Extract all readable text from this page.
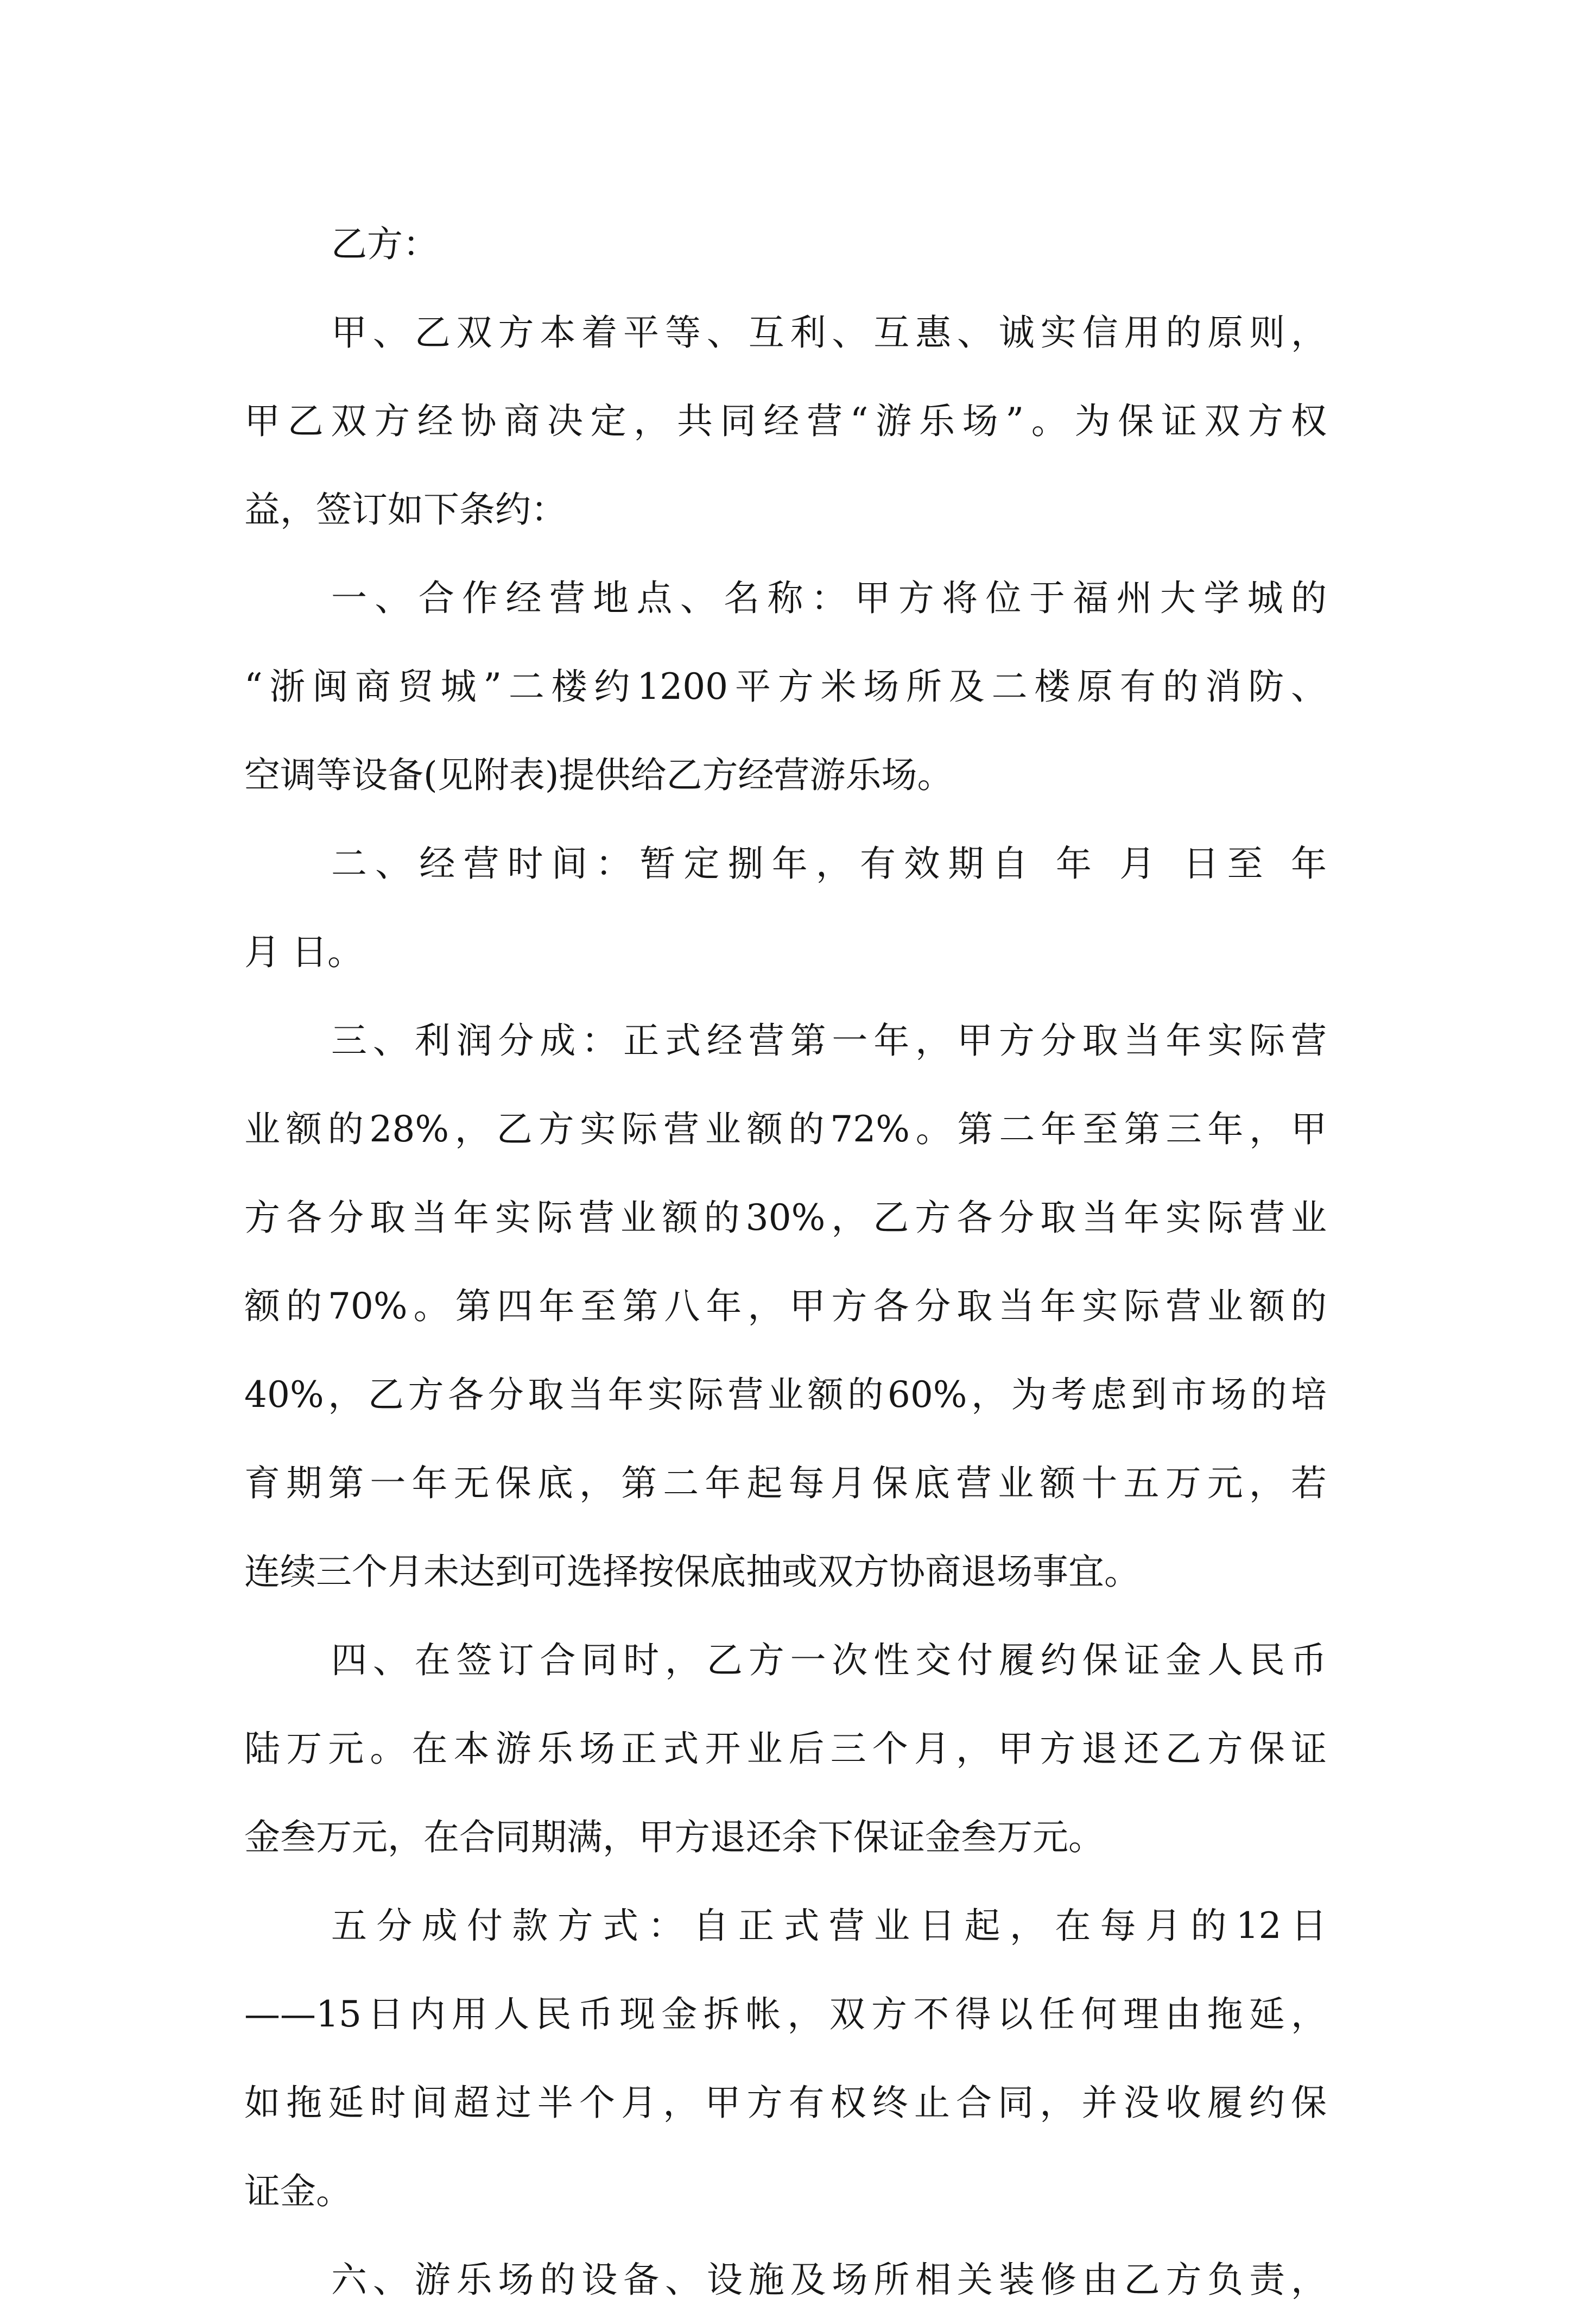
乙方：
甲、乙双方本着平等、互利、互惠、诚实信用的原则，
甲乙双方经协商决定，共同经营“游乐场”。为保证双方权
益，签订如下条约：
一、合作经营地点、名称：甲方将位于福州大学城的
“浙闽商贸城”二楼约1200平方米场所及二楼原有的消防、
空调等设备(见附表)提供给乙方经营游乐场。
二、经营时间：暂定捌年，有效期自 年 月 日至 年
月 日。
三、利润分成：正式经营第一年，甲方分取当年实际营
业额的28%，乙方实际营业额的72%。第二年至第三年，甲
方各分取当年实际营业额的30%，乙方各分取当年实际营业
额的70%。第四年至第八年，甲方各分取当年实际营业额的
40%，乙方各分取当年实际营业额的60%，为考虑到市场的培
育期第一年无保底，第二年起每月保底营业额十五万元，若
连续三个月未达到可选择按保底抽或双方协商退场事宜。
四、在签订合同时，乙方一次性交付履约保证金人民币
陆万元。在本游乐场正式开业后三个月，甲方退还乙方保证
金叁万元，在合同期满，甲方退还余下保证金叁万元。
五分成付款方式：自正式营业日起，在每月的12日
——15日内用人民币现金拆帐，双方不得以任何理由拖延，
如拖延时间超过半个月，甲方有权终止合同，并没收履约保
证金。
六、游乐场的设备、设施及场所相关装修由乙方负责，
